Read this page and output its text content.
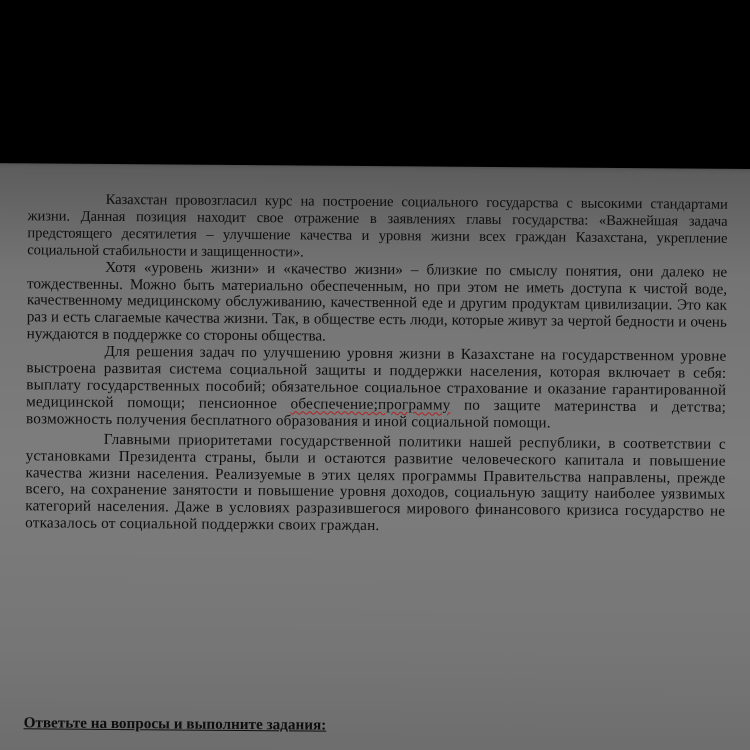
Казахстан провозгласил курс на построение социального государства с высокими стандартами жизни. Данная позиция находит свое отражение в заявлениях главы государства: «Важнейшая задача предстоящего десятилетия – улучшение качества и уровня жизни всех граждан Казахстана, укрепление социальной стабильности и защищенности».

Хотя «уровень жизни» и «качество жизни» – близкие по смыслу понятия, они далеко не тождественны. Можно быть материально обеспеченным, но при этом не иметь доступа к чистой воде, качественному медицинскому обслуживанию, качественной еде и другим продуктам цивилизации. Это как раз и есть слагаемые качества жизни. Так, в обществе есть люди, которые живут за чертой бедности и очень нуждаются в поддержке со стороны общества.

Для решения задач по улучшению уровня жизни в Казахстане на государственном уровне выстроена развитая система социальной защиты и поддержки населения, которая включает в себя: выплату государственных пособий; обязательное социальное страхование и оказание гарантированной медицинской помощи; пенсионное обеспечение;программу по защите материнства и детства; возможность получения бесплатного образования и иной социальной помощи.

Главными приоритетами государственной политики нашей республики, в соответствии с установками Президента страны, были и остаются развитие человеческого капитала и повышение качества жизни населения. Реализуемые в этих целях программы Правительства направлены, прежде всего, на сохранение занятости и повышение уровня доходов, социальную защиту наиболее уязвимых категорий населения. Даже в условиях разразившегося мирового финансового кризиса государство не отказалось от социальной поддержки своих граждан.

Ответьте на вопросы и выполните задания:
